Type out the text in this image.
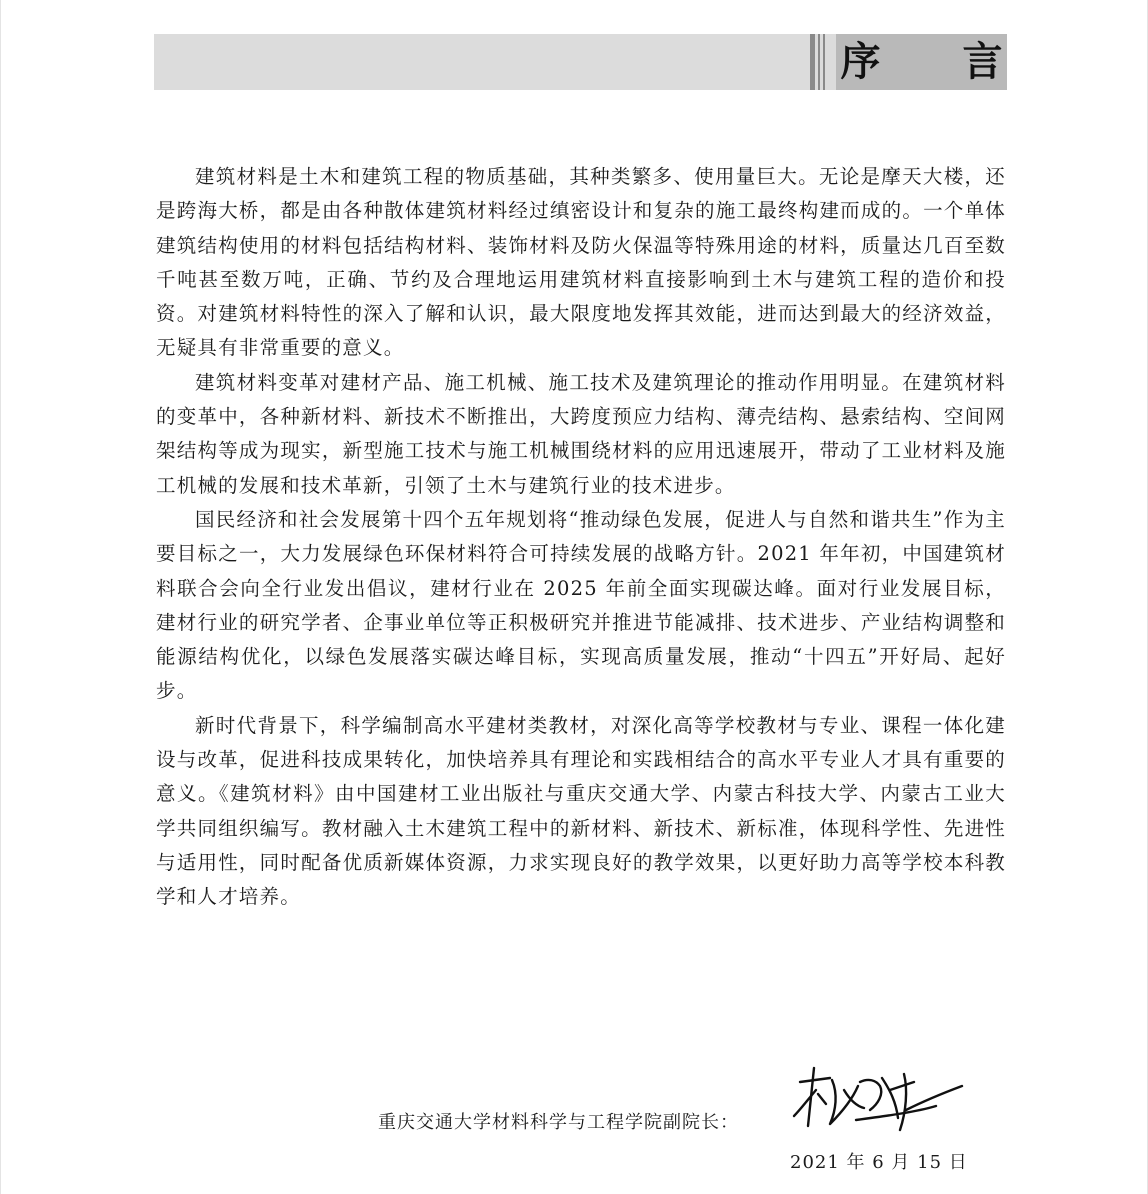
序 言

建筑材料是土木和建筑工程的物质基础，其种类繁多、使用量巨大。无论是摩天大楼，还是跨海大桥，都是由各种散体建筑材料经过缜密设计和复杂的施工最终构建而成的。一个单体建筑结构使用的材料包括结构材料、装饰材料及防火保温等特殊用途的材料，质量达几百至数千吨甚至数万吨，正确、节约及合理地运用建筑材料直接影响到土木与建筑工程的造价和投资。对建筑材料特性的深入了解和认识，最大限度地发挥其效能，进而达到最大的经济效益，无疑具有非常重要的意义。

建筑材料变革对建材产品、施工机械、施工技术及建筑理论的推动作用明显。在建筑材料的变革中，各种新材料、新技术不断推出，大跨度预应力结构、薄壳结构、悬索结构、空间网架结构等成为现实，新型施工技术与施工机械围绕材料的应用迅速展开，带动了工业材料及施工机械的发展和技术革新，引领了土木与建筑行业的技术进步。

国民经济和社会发展第十四个五年规划将“推动绿色发展，促进人与自然和谐共生”作为主要目标之一，大力发展绿色环保材料符合可持续发展的战略方针。2021 年年初，中国建筑材料联合会向全行业发出倡议，建材行业在 2025 年前全面实现碳达峰。面对行业发展目标，建材行业的研究学者、企事业单位等正积极研究并推进节能减排、技术进步、产业结构调整和能源结构优化，以绿色发展落实碳达峰目标，实现高质量发展，推动“十四五”开好局、起好步。

新时代背景下，科学编制高水平建材类教材，对深化高等学校教材与专业、课程一体化建设与改革，促进科技成果转化，加快培养具有理论和实践相结合的高水平专业人才具有重要的意义。《建筑材料》由中国建材工业出版社与重庆交通大学、内蒙古科技大学、内蒙古工业大学共同组织编写。教材融入土木建筑工程中的新材料、新技术、新标准，体现科学性、先进性与适用性，同时配备优质新媒体资源，力求实现良好的教学效果，以更好助力高等学校本科教学和人才培养。

重庆交通大学材料科学与工程学院副院长：
2021 年 6 月 15 日
